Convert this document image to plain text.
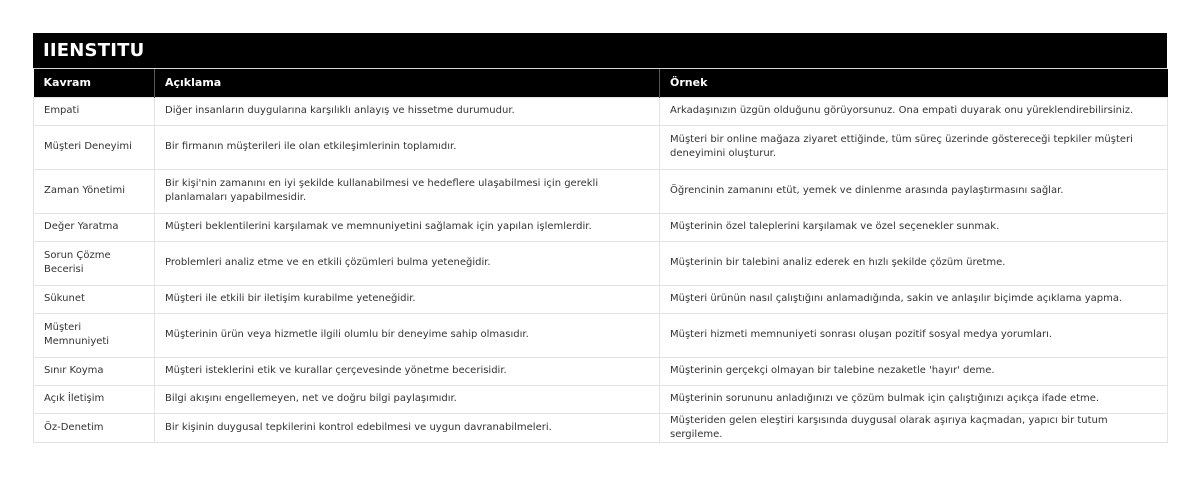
IIENSTITU
Kavram	Açıklama	Örnek
Empati	Diğer insanların duygularına karşılıklı anlayış ve hissetme durumudur.	Arkadaşınızın üzgün olduğunu görüyorsunuz. Ona empati duyarak onu yüreklendirebilirsiniz.
Müşteri Deneyimi	Bir firmanın müşterileri ile olan etkileşimlerinin toplamıdır.	Müşteri bir online mağaza ziyaret ettiğinde, tüm süreç üzerinde göstereceği tepkiler müşteri deneyimini oluşturur.
Zaman Yönetimi	Bir kişi'nin zamanını en iyi şekilde kullanabilmesi ve hedeflere ulaşabilmesi için gerekli planlamaları yapabilmesidir.	Öğrencinin zamanını etüt, yemek ve dinlenme arasında paylaştırmasını sağlar.
Değer Yaratma	Müşteri beklentilerini karşılamak ve memnuniyetini sağlamak için yapılan işlemlerdir.	Müşterinin özel taleplerini karşılamak ve özel seçenekler sunmak.
Sorun Çözme Becerisi	Problemleri analiz etme ve en etkili çözümleri bulma yeteneğidir.	Müşterinin bir talebini analiz ederek en hızlı şekilde çözüm üretme.
Sükunet	Müşteri ile etkili bir iletişim kurabilme yeteneğidir.	Müşteri ürünün nasıl çalıştığını anlamadığında, sakin ve anlaşılır biçimde açıklama yapma.
Müşteri Memnuniyeti	Müşterinin ürün veya hizmetle ilgili olumlu bir deneyime sahip olmasıdır.	Müşteri hizmeti memnuniyeti sonrası oluşan pozitif sosyal medya yorumları.
Sınır Koyma	Müşteri isteklerini etik ve kurallar çerçevesinde yönetme becerisidir.	Müşterinin gerçekçi olmayan bir talebine nezaketle 'hayır' deme.
Açık İletişim	Bilgi akışını engellemeyen, net ve doğru bilgi paylaşımıdır.	Müşterinin sorununu anladığınızı ve çözüm bulmak için çalıştığınızı açıkça ifade etme.
Öz-Denetim	Bir kişinin duygusal tepkilerini kontrol edebilmesi ve uygun davranabilmeleri.	Müşteriden gelen eleştiri karşısında duygusal olarak aşırıya kaçmadan, yapıcı bir tutum sergileme.
